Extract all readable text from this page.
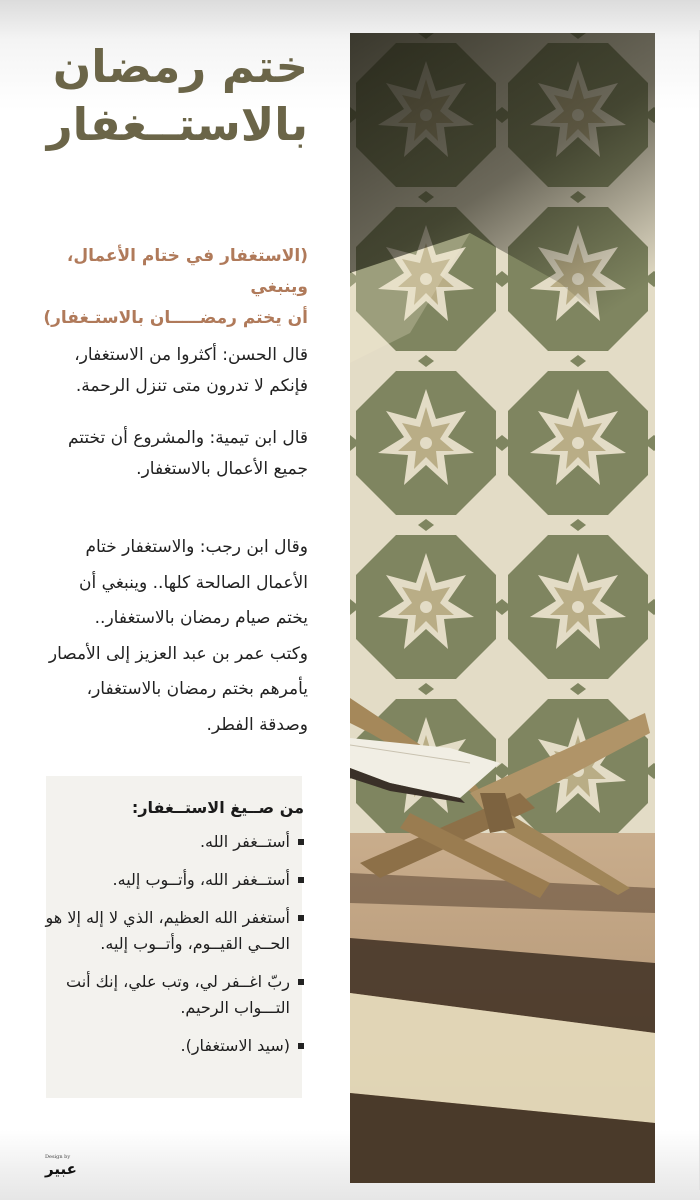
ختم رمضان
بالاستــغفار
(الاستغفار في ختام الأعمال، وينبغي
أن يختم رمضـــــان بالاستـغفار)
قال الحسن: أكثروا من الاستغفار،
فإنكم لا تدرون متى تنزل الرحمة.
قال ابن تيمية: والمشروع أن تختتم
جميع الأعمال بالاستغفار.
وقال ابن رجب: والاستغفار ختام
الأعمال الصالحة كلها.. وينبغي أن
يختم صيام رمضان بالاستغفار..
وكتب عمر بن عبد العزيز إلى الأمصار
يأمرهم بختم رمضان بالاستغفار،
وصدقة الفطر.
من صــيغ الاستــغفار:
أستــغفر الله.
أستــغفر الله، وأتــوب إليه.
أستغفر الله العظيم، الذي لا إله إلا هو الحــي القيــوم، وأتــوب إليه.
ربّ اغــفر لي، وتب علي، إنك أنت التـــواب الرحيم.
(سيد الاستغفار).
Design by
عبير
